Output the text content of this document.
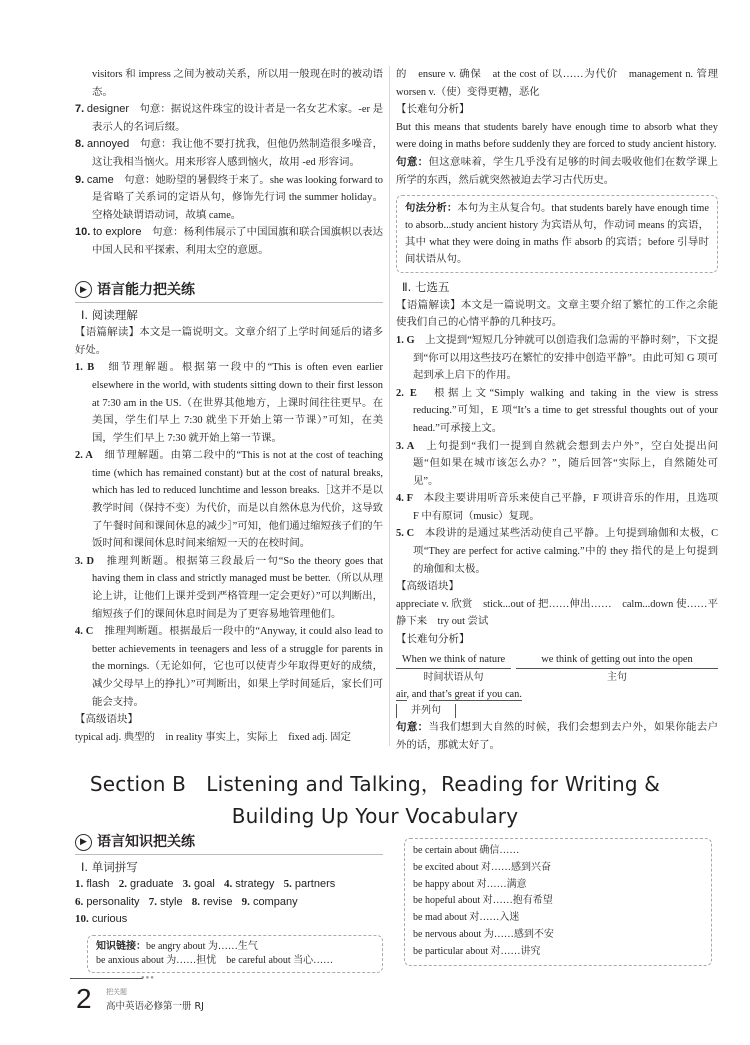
visitors 和 impress 之间为被动关系，所以用一般现在时的被动语态。

7. designer　 句意：据说这件珠宝的设计者是一名女艺术家。-er 是表示人的名词后缀。

8. annoyed　 句意：我让他不要打扰我，但他仍然制造很多噪音，这让我相当恼火。用来形容人感到恼火，故用 -ed 形容词。

9. came　 句意：她盼望的暑假终于来了。she was looking forward to 是省略了关系词的定语从句，修饰先行词 the summer holiday。空格处缺谓语动词，故填 came。

10. to explore　 句意：杨利伟展示了中国国旗和联合国旗帜以表达中国人民和平探索、利用太空的意愿。

▶ 语言能力把关练

Ⅰ. 阅读理解

【语篇解读】本文是一篇说明文。文章介绍了上学时间延后的诸多好处。

1. B　 细节理解题。根据第一段中的“This is often even earlier elsewhere in the world, with students sitting down to their first lesson at 7:30 am in the US.（在世界其他地方，上课时间往往更早。在美国，学生们早上 7:30 就坐下开始上第一节课）”可知，在美国，学生们早上 7:30 就开始上第一节课。

2. A　 细节理解题。由第二段中的“This is not at the cost of teaching time (which has remained constant) but at the cost of natural breaks, which has led to reduced lunchtime and lesson breaks.［这并不是以教学时间（保持不变）为代价，而是以自然休息为代价，这导致了午餐时间和课间休息的减少］”可知，他们通过缩短孩子们的午饭时间和课间休息时间来缩短一天的在校时间。

3. D　 推理判断题。根据第三段最后一句“So the theory goes that having them in class and strictly managed must be better.（所以从理论上讲，让他们上课并受到严格管理一定会更好）”可以判断出，缩短孩子们的课间休息时间是为了更容易地管理他们。

4. C　 推理判断题。根据最后一段中的“Anyway, it could also lead to better achievements in teenagers and less of a struggle for parents in the mornings.（无论如何，它也可以使青少年取得更好的成绩，减少父母早上的挣扎）”可判断出，如果上学时间延后，家长们可能会支持。

【高级语块】

typical adj. 典型的　in reality 事实上，实际上　fixed adj. 固定

的　ensure v. 确保　at the cost of 以……为代价　management n. 管理　worsen v.（使）变得更糟，恶化

【长难句分析】

But this means that students barely have enough time to absorb what they were doing in maths before suddenly they are forced to study ancient history.

句意：但这意味着，学生几乎没有足够的时间去吸收他们在数学课上所学的东西，然后就突然被迫去学习古代历史。

句法分析：本句为主从复合句。that students barely have enough time to absorb...study ancient history 为宾语从句，作动词 means 的宾语，其中 what they were doing in maths 作 absorb 的宾语；before 引导时间状语从句。

Ⅱ. 七选五

【语篇解读】本文是一篇说明文。文章主要介绍了繁忙的工作之余能使我们自己的心情平静的几种技巧。

1. G　 上文提到“短短几分钟就可以创造我们急需的平静时刻”，下文提到“你可以用这些技巧在繁忙的安排中创造平静”。由此可知 G 项可起到承上启下的作用。

2. E　 根据上文“Simply walking and taking in the view is stress reducing.”可知，E 项“It’s a time to get stressful thoughts out of your head.”可承接上文。

3. A　 上句提到“我们一提到自然就会想到去户外”，空白处提出问题“但如果在城市该怎么办？”，随后回答“实际上，自然随处可见”。

4. F　 本段主要讲用听音乐来使自己平静，F 项讲音乐的作用，且选项 F 中有原词（music）复现。

5. C　 本段讲的是通过某些活动使自己平静。上句提到瑜伽和太极，C 项“They are perfect for active calming.”中的 they 指代的是上句提到的瑜伽和太极。

【高级语块】

appreciate v. 欣赏　stick...out of 把……伸出……　calm...down 使……平静下来　try out 尝试

【长难句分析】

When we think of nature
时间状语从句
we think of getting out into the open
主句

air, and that’s great if you can.

并列句

句意：当我们想到大自然的时候，我们会想到去户外，如果你能去户外的话，那就太好了。

Section B　Listening and Talking，Reading for Writing &
Building Up Your Vocabulary
▶ 语言知识把关练

Ⅰ. 单词拼写

1. flash 2. graduate 3. goal 4. strategy 5. partners
6. personality 7. style 8. revise 9. company
10. curious
知识链接：be angry about 为……生气
be anxious about 为……担忧　be careful about 当心……
be certain about 确信……
be excited about 对……感到兴奋
be happy about 对……满意
be hopeful about 对……抱有希望
be mad about 对……入迷
be nervous about 为……感到不安
be particular about 对……讲究
●●●
2 把关题
高中英语必修第一册 RJ
